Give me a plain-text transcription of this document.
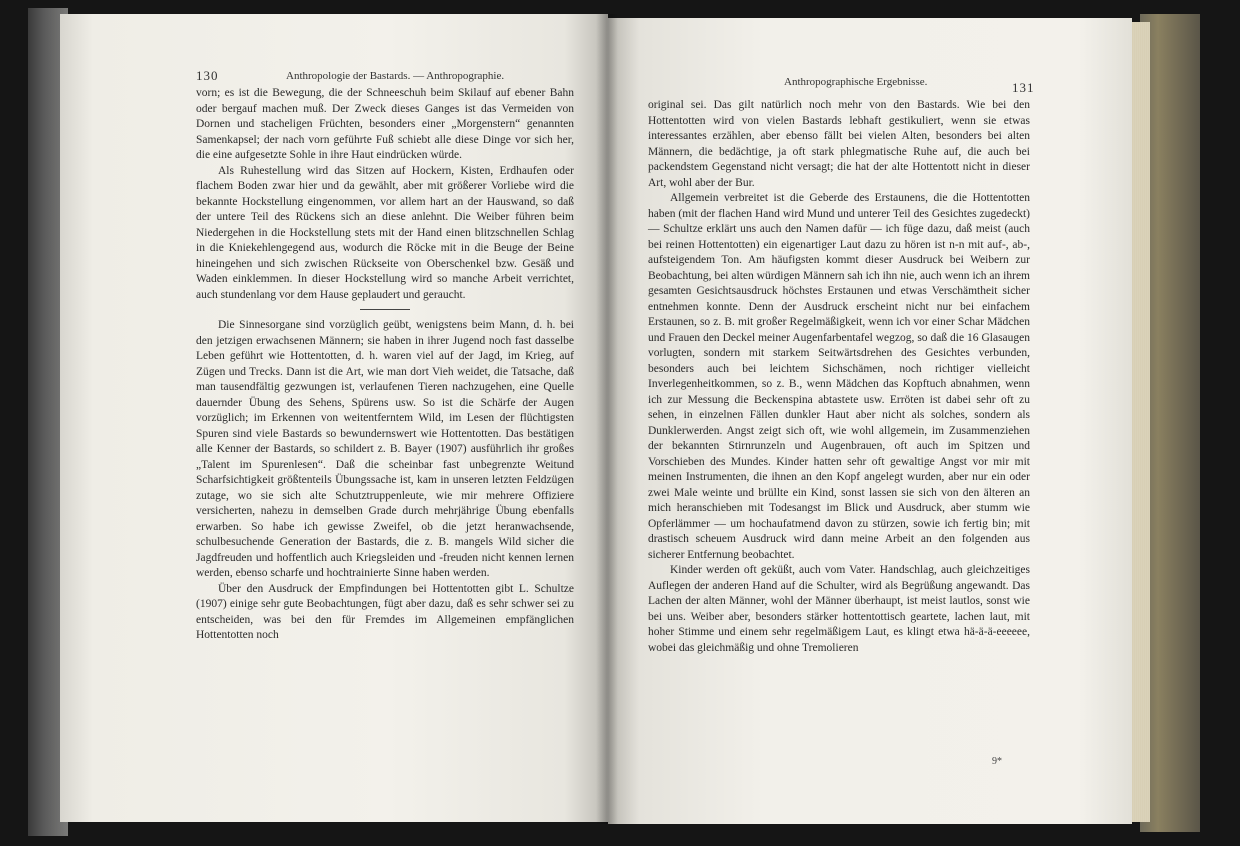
130	Anthropologie der Bastards. — Anthropographie.

vorn; es ist die Bewegung, die der Schneeschuh beim Skilauf auf ebener Bahn oder bergauf machen muß. Der Zweck dieses Ganges ist das Vermeiden von Dornen und stacheligen Früchten, besonders einer „Morgenstern“ genannten Samenkapsel; der nach vorn geführte Fuß schiebt alle diese Dinge vor sich her, die eine aufgesetzte Sohle in ihre Haut eindrücken würde.

Als Ruhestellung wird das Sitzen auf Hockern, Kisten, Erdhaufen oder flachem Boden zwar hier und da gewählt, aber mit größerer Vorliebe wird die bekannte Hockstellung eingenommen, vor allem hart an der Hauswand, so daß der untere Teil des Rückens sich an diese anlehnt. Die Weiber führen beim Niedergehen in die Hockstellung stets mit der Hand einen blitzschnellen Schlag in die Kniekehlengegend aus, wodurch die Röcke mit in die Beuge der Beine hineingehen und sich zwischen Rückseite von Oberschenkel bzw. Gesäß und Waden einklemmen. In dieser Hockstellung wird so manche Arbeit verrichtet, auch stundenlang vor dem Hause geplaudert und geraucht.

Die Sinnesorgane sind vorzüglich geübt, wenigstens beim Mann, d. h. bei den jetzigen erwachsenen Männern; sie haben in ihrer Jugend noch fast dasselbe Leben geführt wie Hottentotten, d. h. waren viel auf der Jagd, im Krieg, auf Zügen und Trecks. Dann ist die Art, wie man dort Vieh weidet, die Tatsache, daß man tausendfältig gezwungen ist, verlaufenen Tieren nachzugehen, eine Quelle dauernder Übung des Sehens, Spürens usw. So ist die Schärfe der Augen vorzüglich; im Erkennen von weitentferntem Wild, im Lesen der flüchtigsten Spuren sind viele Bastards so bewundernswert wie Hottentotten. Das bestätigen alle Kenner der Bastards, so schildert z. B. Bayer (1907) ausführlich ihr großes „Talent im Spurenlesen“. Daß die scheinbar fast unbegrenzte Weitund Scharfsichtigkeit größtenteils Übungssache ist, kam in unseren letzten Feldzügen zutage, wo sie sich alte Schutztruppenleute, wie mir mehrere Offiziere versicherten, nahezu in demselben Grade durch mehrjährige Übung ebenfalls erwarben. So habe ich gewisse Zweifel, ob die jetzt heranwachsende, schulbesuchende Generation der Bastards, die z. B. mangels Wild sicher die Jagdfreuden und hoffentlich auch Kriegsleiden und -freuden nicht kennen lernen werden, ebenso scharfe und hochtrainierte Sinne haben werden.

Über den Ausdruck der Empfindungen bei Hottentotten gibt L. Schultze (1907) einige sehr gute Beobachtungen, fügt aber dazu, daß es sehr schwer sei zu entscheiden, was bei den für Fremdes im Allgemeinen empfänglichen Hottentotten noch

Anthropographische Ergebnisse.	131

original sei. Das gilt natürlich noch mehr von den Bastards. Wie bei den Hottentotten wird von vielen Bastards lebhaft gestikuliert, wenn sie etwas interessantes erzählen, aber ebenso fällt bei vielen Alten, besonders bei alten Männern, die bedächtige, ja oft stark phlegmatische Ruhe auf, die auch bei packendstem Gegenstand nicht versagt; die hat der alte Hottentott nicht in dieser Art, wohl aber der Bur.

Allgemein verbreitet ist die Geberde des Erstaunens, die die Hottentotten haben (mit der flachen Hand wird Mund und unterer Teil des Gesichtes zugedeckt) — Schultze erklärt uns auch den Namen dafür — ich füge dazu, daß meist (auch bei reinen Hottentotten) ein eigenartiger Laut dazu zu hören ist n-n mit auf-, ab-, aufsteigendem Ton. Am häufigsten kommt dieser Ausdruck bei Weibern zur Beobachtung, bei alten würdigen Männern sah ich ihn nie, auch wenn ich an ihrem gesamten Gesichtsausdruck höchstes Erstaunen und etwas Verschämtheit sicher entnehmen konnte. Denn der Ausdruck erscheint nicht nur bei einfachem Erstaunen, so z. B. mit großer Regelmäßigkeit, wenn ich vor einer Schar Mädchen und Frauen den Deckel meiner Augenfarbentafel wegzog, so daß die 16 Glasaugen vorlugten, sondern mit starkem Seitwärtsdrehen des Gesichtes verbunden, besonders auch bei leichtem Sichschämen, noch richtiger vielleicht Inverlegenheitkommen, so z. B., wenn Mädchen das Kopftuch abnahmen, wenn ich zur Messung die Beckenspina abtastete usw. Erröten ist dabei sehr oft zu sehen, in einzelnen Fällen dunkler Haut aber nicht als solches, sondern als Dunklerwerden. Angst zeigt sich oft, wie wohl allgemein, im Zusammenziehen der bekannten Stirnrunzeln und Augenbrauen, oft auch im Spitzen und Vorschieben des Mundes. Kinder hatten sehr oft gewaltige Angst vor mir mit meinen Instrumenten, die ihnen an den Kopf angelegt wurden, aber nur ein oder zwei Male weinte und brüllte ein Kind, sonst lassen sie sich von den älteren an mich heranschieben mit Todesangst im Blick und Ausdruck, aber stumm wie Opferlämmer — um hochaufatmend davon zu stürzen, sowie ich fertig bin; mit drastisch scheuem Ausdruck wird dann meine Arbeit an den folgenden aus sicherer Entfernung beobachtet.

Kinder werden oft geküßt, auch vom Vater. Handschlag, auch gleichzeitiges Auflegen der anderen Hand auf die Schulter, wird als Begrüßung angewandt. Das Lachen der alten Männer, wohl der Männer überhaupt, ist meist lautlos, sonst wie bei uns. Weiber aber, besonders stärker hottentottisch geartete, lachen laut, mit hoher Stimme und einem sehr regelmäßigem Laut, es klingt etwa hä-ä-ä-eeeeee, wobei das gleichmäßig und ohne Tremolieren

9*
